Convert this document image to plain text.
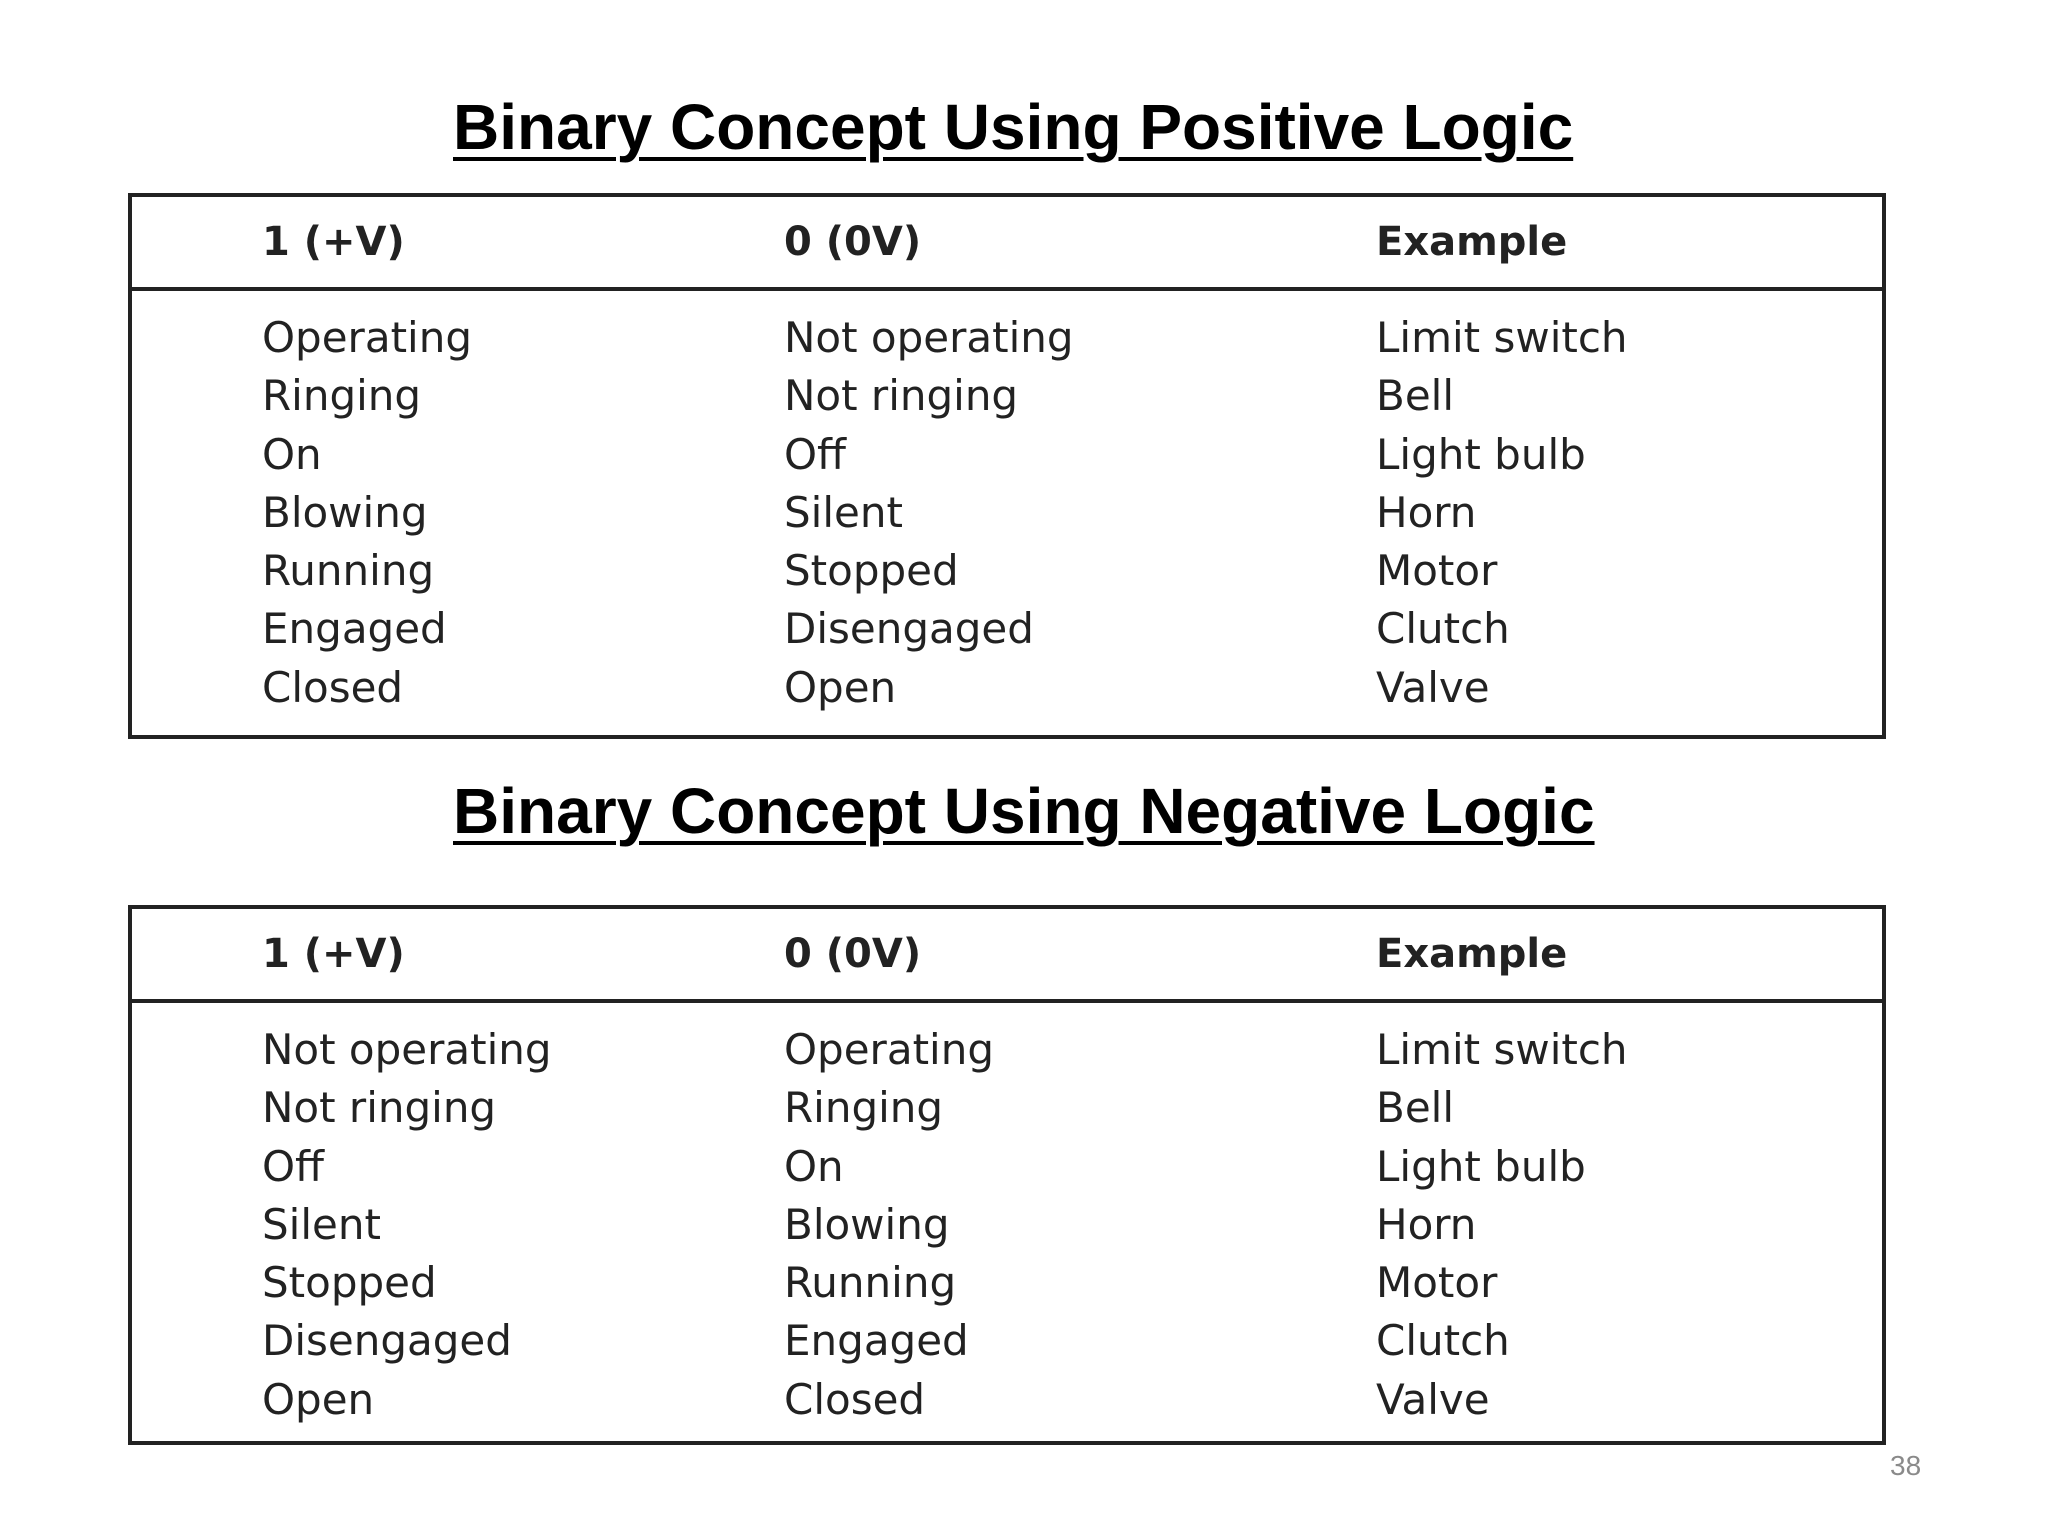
Binary Concept Using Positive Logic
1 (+V)	0 (0V)	Example
Operating	Not operating	Limit switch
Ringing	Not ringing	Bell
On	Off	Light bulb
Blowing	Silent	Horn
Running	Stopped	Motor
Engaged	Disengaged	Clutch
Closed	Open	Valve
Binary Concept Using Negative Logic
1 (+V)	0 (0V)	Example
Not operating	Operating	Limit switch
Not ringing	Ringing	Bell
Off	On	Light bulb
Silent	Blowing	Horn
Stopped	Running	Motor
Disengaged	Engaged	Clutch
Open	Closed	Valve
38
